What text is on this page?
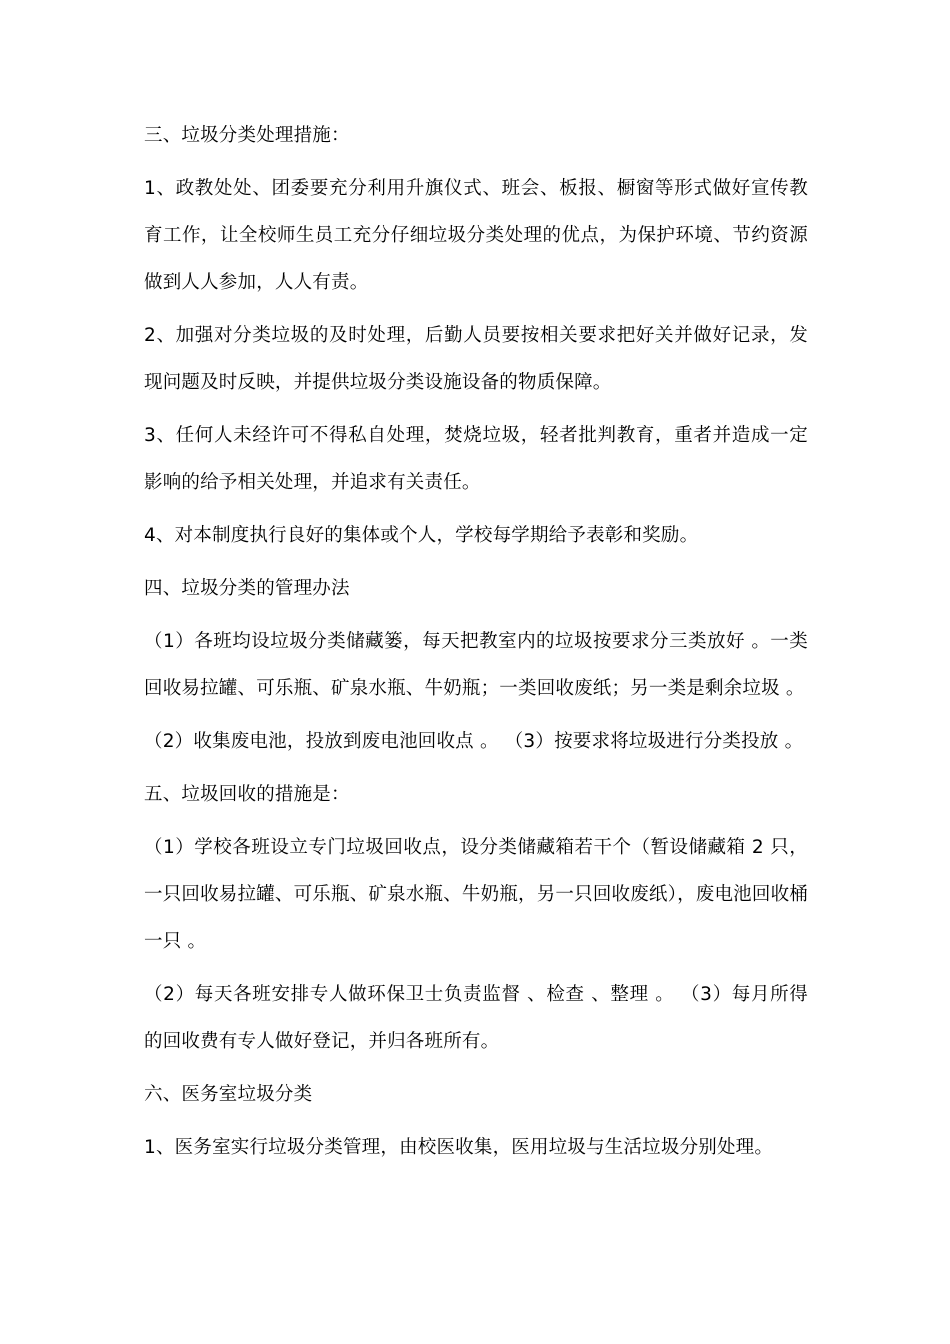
三、垃圾分类处理措施：

1、政教处处、团委要充分利用升旗仪式、班会、板报、橱窗等形式做好宣传教育工作，让全校师生员工充分仔细垃圾分类处理的优点，为保护环境、节约资源做到人人参加，人人有责。

2、加强对分类垃圾的及时处理，后勤人员要按相关要求把好关并做好记录，发现问题及时反映，并提供垃圾分类设施设备的物质保障。

3、任何人未经许可不得私自处理，焚烧垃圾，轻者批判教育，重者并造成一定影响的给予相关处理，并追求有关责任。

4、对本制度执行良好的集体或个人，学校每学期给予表彰和奖励。

四、垃圾分类的管理办法

（1）各班均设垃圾分类储藏篓，每天把教室内的垃圾按要求分三类放好 。一类回收易拉罐、可乐瓶、矿泉水瓶、牛奶瓶；一类回收废纸；另一类是剩余垃圾 。

（2）收集废电池，投放到废电池回收点 。 （3）按要求将垃圾进行分类投放 。

五、垃圾回收的措施是：

（1）学校各班设立专门垃圾回收点，设分类储藏箱若干个（暂设储藏箱 2 只，一只回收易拉罐、可乐瓶、矿泉水瓶、牛奶瓶，另一只回收废纸），废电池回收桶一只 。

（2）每天各班安排专人做环保卫士负责监督 、检查 、整理 。 （3）每月所得的回收费有专人做好登记，并归各班所有。

六、医务室垃圾分类

1、医务室实行垃圾分类管理，由校医收集，医用垃圾与生活垃圾分别处理。
